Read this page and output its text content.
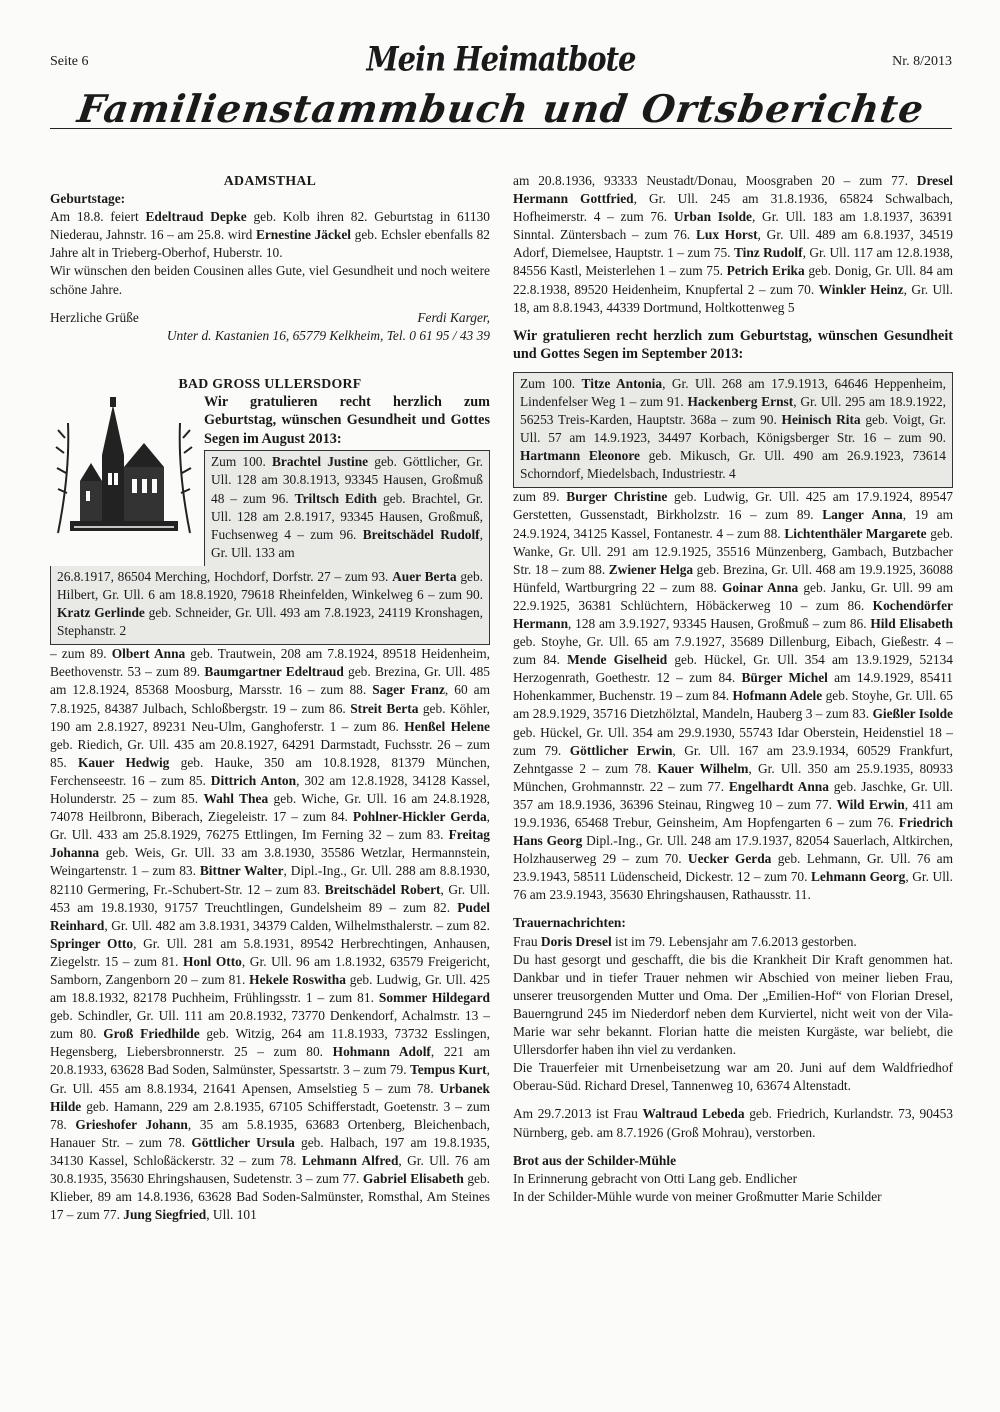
Seite 6	Mein Heimatbote	Nr. 8/2013
Familienstammbuch und Ortsberichte

ADAMSTHAL

Geburtstage:

Am 18.8. feiert Edeltraud Depke geb. Kolb ihren 82. Geburtstag in 61130 Niederau, Jahnstr. 16 – am 25.8. wird Ernestine Jäckel geb. Echsler ebenfalls 82 Jahre alt in Trieberg-Oberhof, Huberstr. 10.

Wir wünschen den beiden Cousinen alles Gute, viel Gesundheit und noch weitere schöne Jahre.

Herzliche Grüße	Ferdi Karger,

Unter d. Kastanien 16, 65779 Kelkheim, Tel. 0 61 95 / 43 39

BAD GROSS ULLERSDORF

Wir gratulieren recht herzlich zum Geburtstag, wünschen Gesundheit und Gottes Segen im August 2013:

Zum 100. Brachtel Justine geb. Göttlicher, Gr. Ull. 128 am 30.8.1913, 93345 Hausen, Großmuß 48 – zum 96. Triltsch Edith geb. Brachtel, Gr. Ull. 128 am 2.8.1917, 93345 Hausen, Großmuß, Fuchsenweg 4 – zum 96. Breitschädel Rudolf, Gr. Ull. 133 am
26.8.1917, 86504 Merching, Hochdorf, Dorfstr. 27 – zum 93. Auer Berta geb. Hilbert, Gr. Ull. 6 am 18.8.1920, 79618 Rheinfelden, Winkelweg 6 – zum 90. Kratz Gerlinde geb. Schneider, Gr. Ull. 493 am 7.8.1923, 24119 Kronshagen, Stephanstr. 2

– zum 89. Olbert Anna geb. Trautwein, 208 am 7.8.1924, 89518 Heidenheim, Beethovenstr. 53 – zum 89. Baumgartner Edeltraud geb. Brezina, Gr. Ull. 485 am 12.8.1924, 85368 Moosburg, Marsstr. 16 – zum 88. Sager Franz, 60 am 7.8.1925, 84387 Julbach, Schloßbergstr. 19 – zum 86. Streit Berta geb. Köhler, 190 am 2.8.1927, 89231 Neu-Ulm, Ganghoferstr. 1 – zum 86. Henßel Helene geb. Riedich, Gr. Ull. 435 am 20.8.1927, 64291 Darmstadt, Fuchsstr. 26 – zum 85. Kauer Hedwig geb. Hauke, 350 am 10.8.1928, 81379 München, Ferchenseestr. 16 – zum 85. Dittrich Anton, 302 am 12.8.1928, 34128 Kassel, Holunderstr. 25 – zum 85. Wahl Thea geb. Wiche, Gr. Ull. 16 am 24.8.1928, 74078 Heilbronn, Biberach, Ziegeleistr. 17 – zum 84. Pohlner-Hickler Gerda, Gr. Ull. 433 am 25.8.1929, 76275 Ettlingen, Im Ferning 32 – zum 83. Freitag Johanna geb. Weis, Gr. Ull. 33 am 3.8.1930, 35586 Wetzlar, Hermannstein, Weingartenstr. 1 – zum 83. Bittner Walter, Dipl.-Ing., Gr. Ull. 288 am 8.8.1930, 82110 Germering, Fr.-Schubert-Str. 12 – zum 83. Breitschädel Robert, Gr. Ull. 453 am 19.8.1930, 91757 Treuchtlingen, Gundelsheim 89 – zum 82. Pudel Reinhard, Gr. Ull. 482 am 3.8.1931, 34379 Calden, Wilhelmsthalerstr. – zum 82. Springer Otto, Gr. Ull. 281 am 5.8.1931, 89542 Herbrechtingen, Anhausen, Ziegelstr. 15 – zum 81. Honl Otto, Gr. Ull. 96 am 1.8.1932, 63579 Freigericht, Samborn, Zangenborn 20 – zum 81. Hekele Roswitha geb. Ludwig, Gr. Ull. 425 am 18.8.1932, 82178 Puchheim, Frühlingsstr. 1 – zum 81. Sommer Hildegard geb. Schindler, Gr. Ull. 111 am 20.8.1932, 73770 Denkendorf, Achalmstr. 13 – zum 80. Groß Friedhilde geb. Witzig, 264 am 11.8.1933, 73732 Esslingen, Hegensberg, Liebersbronnerstr. 25 – zum 80. Hohmann Adolf, 221 am 20.8.1933, 63628 Bad Soden, Salmünster, Spessartstr. 3 – zum 79. Tempus Kurt, Gr. Ull. 455 am 8.8.1934, 21641 Apensen, Amselstieg 5 – zum 78. Urbanek Hilde geb. Hamann, 229 am 2.8.1935, 67105 Schifferstadt, Goetenstr. 3 – zum 78. Grieshofer Johann, 35 am 5.8.1935, 63683 Ortenberg, Bleichenbach, Hanauer Str. – zum 78. Göttlicher Ursula geb. Halbach, 197 am 19.8.1935, 34130 Kassel, Schloßäckerstr. 32 – zum 78. Lehmann Alfred, Gr. Ull. 76 am 30.8.1935, 35630 Ehringshausen, Sudetenstr. 3 – zum 77. Gabriel Elisabeth geb. Klieber, 89 am 14.8.1936, 63628 Bad Soden-Salmünster, Romsthal, Am Steines 17 – zum 77. Jung Siegfried, Ull. 101

am 20.8.1936, 93333 Neustadt/Donau, Moosgraben 20 – zum 77. Dresel Hermann Gottfried, Gr. Ull. 245 am 31.8.1936, 65824 Schwalbach, Hofheimerstr. 4 – zum 76. Urban Isolde, Gr. Ull. 183 am 1.8.1937, 36391 Sinntal. Züntersbach – zum 76. Lux Horst, Gr. Ull. 489 am 6.8.1937, 34519 Adorf, Diemelsee, Hauptstr. 1 – zum 75. Tinz Rudolf, Gr. Ull. 117 am 12.8.1938, 84556 Kastl, Meisterlehen 1 – zum 75. Petrich Erika geb. Donig, Gr. Ull. 84 am 22.8.1938, 89520 Heidenheim, Knupfertal 2 – zum 70. Winkler Heinz, Gr. Ull. 18, am 8.8.1943, 44339 Dortmund, Holtkottenweg 5

Wir gratulieren recht herzlich zum Geburtstag, wünschen Gesundheit und Gottes Segen im September 2013:

Zum 100. Titze Antonia, Gr. Ull. 268 am 17.9.1913, 64646 Heppenheim, Lindenfelser Weg 1 – zum 91. Hackenberg Ernst, Gr. Ull. 295 am 18.9.1922, 56253 Treis-Karden, Hauptstr. 368a – zum 90. Heinisch Rita geb. Voigt, Gr. Ull. 57 am 14.9.1923, 34497 Korbach, Königsberger Str. 16 – zum 90. Hartmann Eleonore geb. Mikusch, Gr. Ull. 490 am 26.9.1923, 73614 Schorndorf, Miedelsbach, Industriestr. 4

zum 89. Burger Christine geb. Ludwig, Gr. Ull. 425 am 17.9.1924, 89547 Gerstetten, Gussenstadt, Birkholzstr. 16 – zum 89. Langer Anna, 19 am 24.9.1924, 34125 Kassel, Fontanestr. 4 – zum 88. Lichtenthäler Margarete geb. Wanke, Gr. Ull. 291 am 12.9.1925, 35516 Münzenberg, Gambach, Butzbacher Str. 18 – zum 88. Zwiener Helga geb. Brezina, Gr. Ull. 468 am 19.9.1925, 36088 Hünfeld, Wartburgring 22 – zum 88. Goinar Anna geb. Janku, Gr. Ull. 99 am 22.9.1925, 36381 Schlüchtern, Höbäckerweg 10 – zum 86. Kochendörfer Hermann, 128 am 3.9.1927, 93345 Hausen, Großmuß – zum 86. Hild Elisabeth geb. Stoyhe, Gr. Ull. 65 am 7.9.1927, 35689 Dillenburg, Eibach, Gießestr. 4 – zum 84. Mende Giselheid geb. Hückel, Gr. Ull. 354 am 13.9.1929, 52134 Herzogenrath, Goethestr. 12 – zum 84. Bürger Michel am 14.9.1929, 85411 Hohenkammer, Buchenstr. 19 – zum 84. Hofmann Adele geb. Stoyhe, Gr. Ull. 65 am 28.9.1929, 35716 Dietzhölztal, Mandeln, Hauberg 3 – zum 83. Gießler Isolde geb. Hückel, Gr. Ull. 354 am 29.9.1930, 55743 Idar Oberstein, Heidenstiel 18 – zum 79. Göttlicher Erwin, Gr. Ull. 167 am 23.9.1934, 60529 Frankfurt, Zehntgasse 2 – zum 78. Kauer Wilhelm, Gr. Ull. 350 am 25.9.1935, 80933 München, Grohmannstr. 22 – zum 77. Engelhardt Anna geb. Jaschke, Gr. Ull. 357 am 18.9.1936, 36396 Steinau, Ringweg 10 – zum 77. Wild Erwin, 411 am 19.9.1936, 65468 Trebur, Geinsheim, Am Hopfengarten 6 – zum 76. Friedrich Hans Georg Dipl.-Ing., Gr. Ull. 248 am 17.9.1937, 82054 Sauerlach, Altkirchen, Holzhauserweg 29 – zum 70. Uecker Gerda geb. Lehmann, Gr. Ull. 76 am 23.9.1943, 58511 Lüdenscheid, Dickestr. 12 – zum 70. Lehmann Georg, Gr. Ull. 76 am 23.9.1943, 35630 Ehringshausen, Rathausstr. 11.

Trauernachrichten:

Frau Doris Dresel ist im 79. Lebensjahr am 7.6.2013 gestorben.

Du hast gesorgt und geschafft, die bis die Krankheit Dir Kraft genommen hat. Dankbar und in tiefer Trauer nehmen wir Abschied von meiner lieben Frau, unserer treusorgenden Mutter und Oma. Der „Emilien-Hof“ von Florian Dresel, Bauerngrund 245 im Niederdorf neben dem Kurviertel, nicht weit von der Vila-Marie war sehr bekannt. Florian hatte die meisten Kurgäste, war beliebt, die Ullersdorfer haben ihn viel zu verdanken.

Die Trauerfeier mit Urnenbeisetzung war am 20. Juni auf dem Waldfriedhof Oberau-Süd. Richard Dresel, Tannenweg 10, 63674 Altenstadt.

Am 29.7.2013 ist Frau Waltraud Lebeda geb. Friedrich, Kurlandstr. 73, 90453 Nürnberg, geb. am 8.7.1926 (Groß Mohrau), verstorben.

Brot aus der Schilder-Mühle

In Erinnerung gebracht von Otti Lang geb. Endlicher

In der Schilder-Mühle wurde von meiner Großmutter Marie Schilder
